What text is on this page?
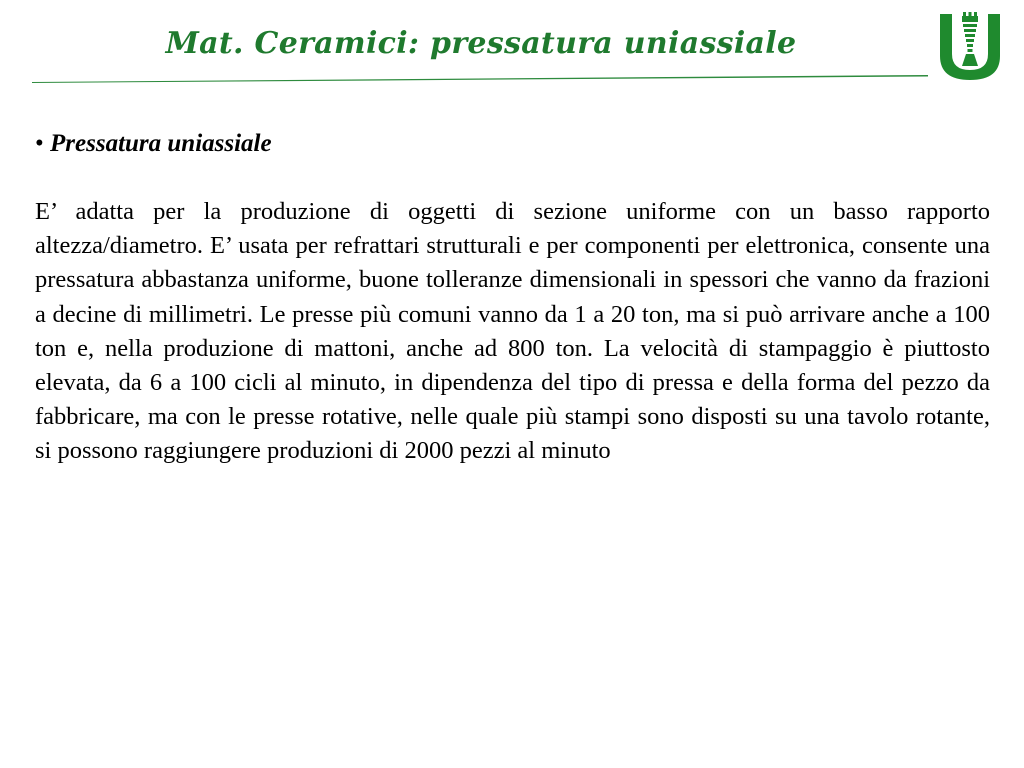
Mat. Ceramici: pressatura uniassiale

• Pressatura uniassiale

E’ adatta per la produzione di oggetti di sezione uniforme con un basso rapporto altezza/diametro. E’ usata per refrattari strutturali e per componenti per elettronica, consente una pressatura abbastanza uniforme, buone tolleranze dimensionali in spessori che vanno da frazioni a decine di millimetri. Le presse più comuni vanno da 1 a 20 ton, ma si può arrivare anche a 100 ton e, nella produzione di mattoni, anche ad 800 ton. La velocità di stampaggio è piuttosto elevata, da 6 a 100 cicli al minuto, in dipendenza del tipo di pressa e della forma del pezzo da fabbricare, ma con le presse rotative, nelle quale più stampi sono disposti su una tavolo rotante, si possono raggiungere produzioni di 2000 pezzi al minuto
